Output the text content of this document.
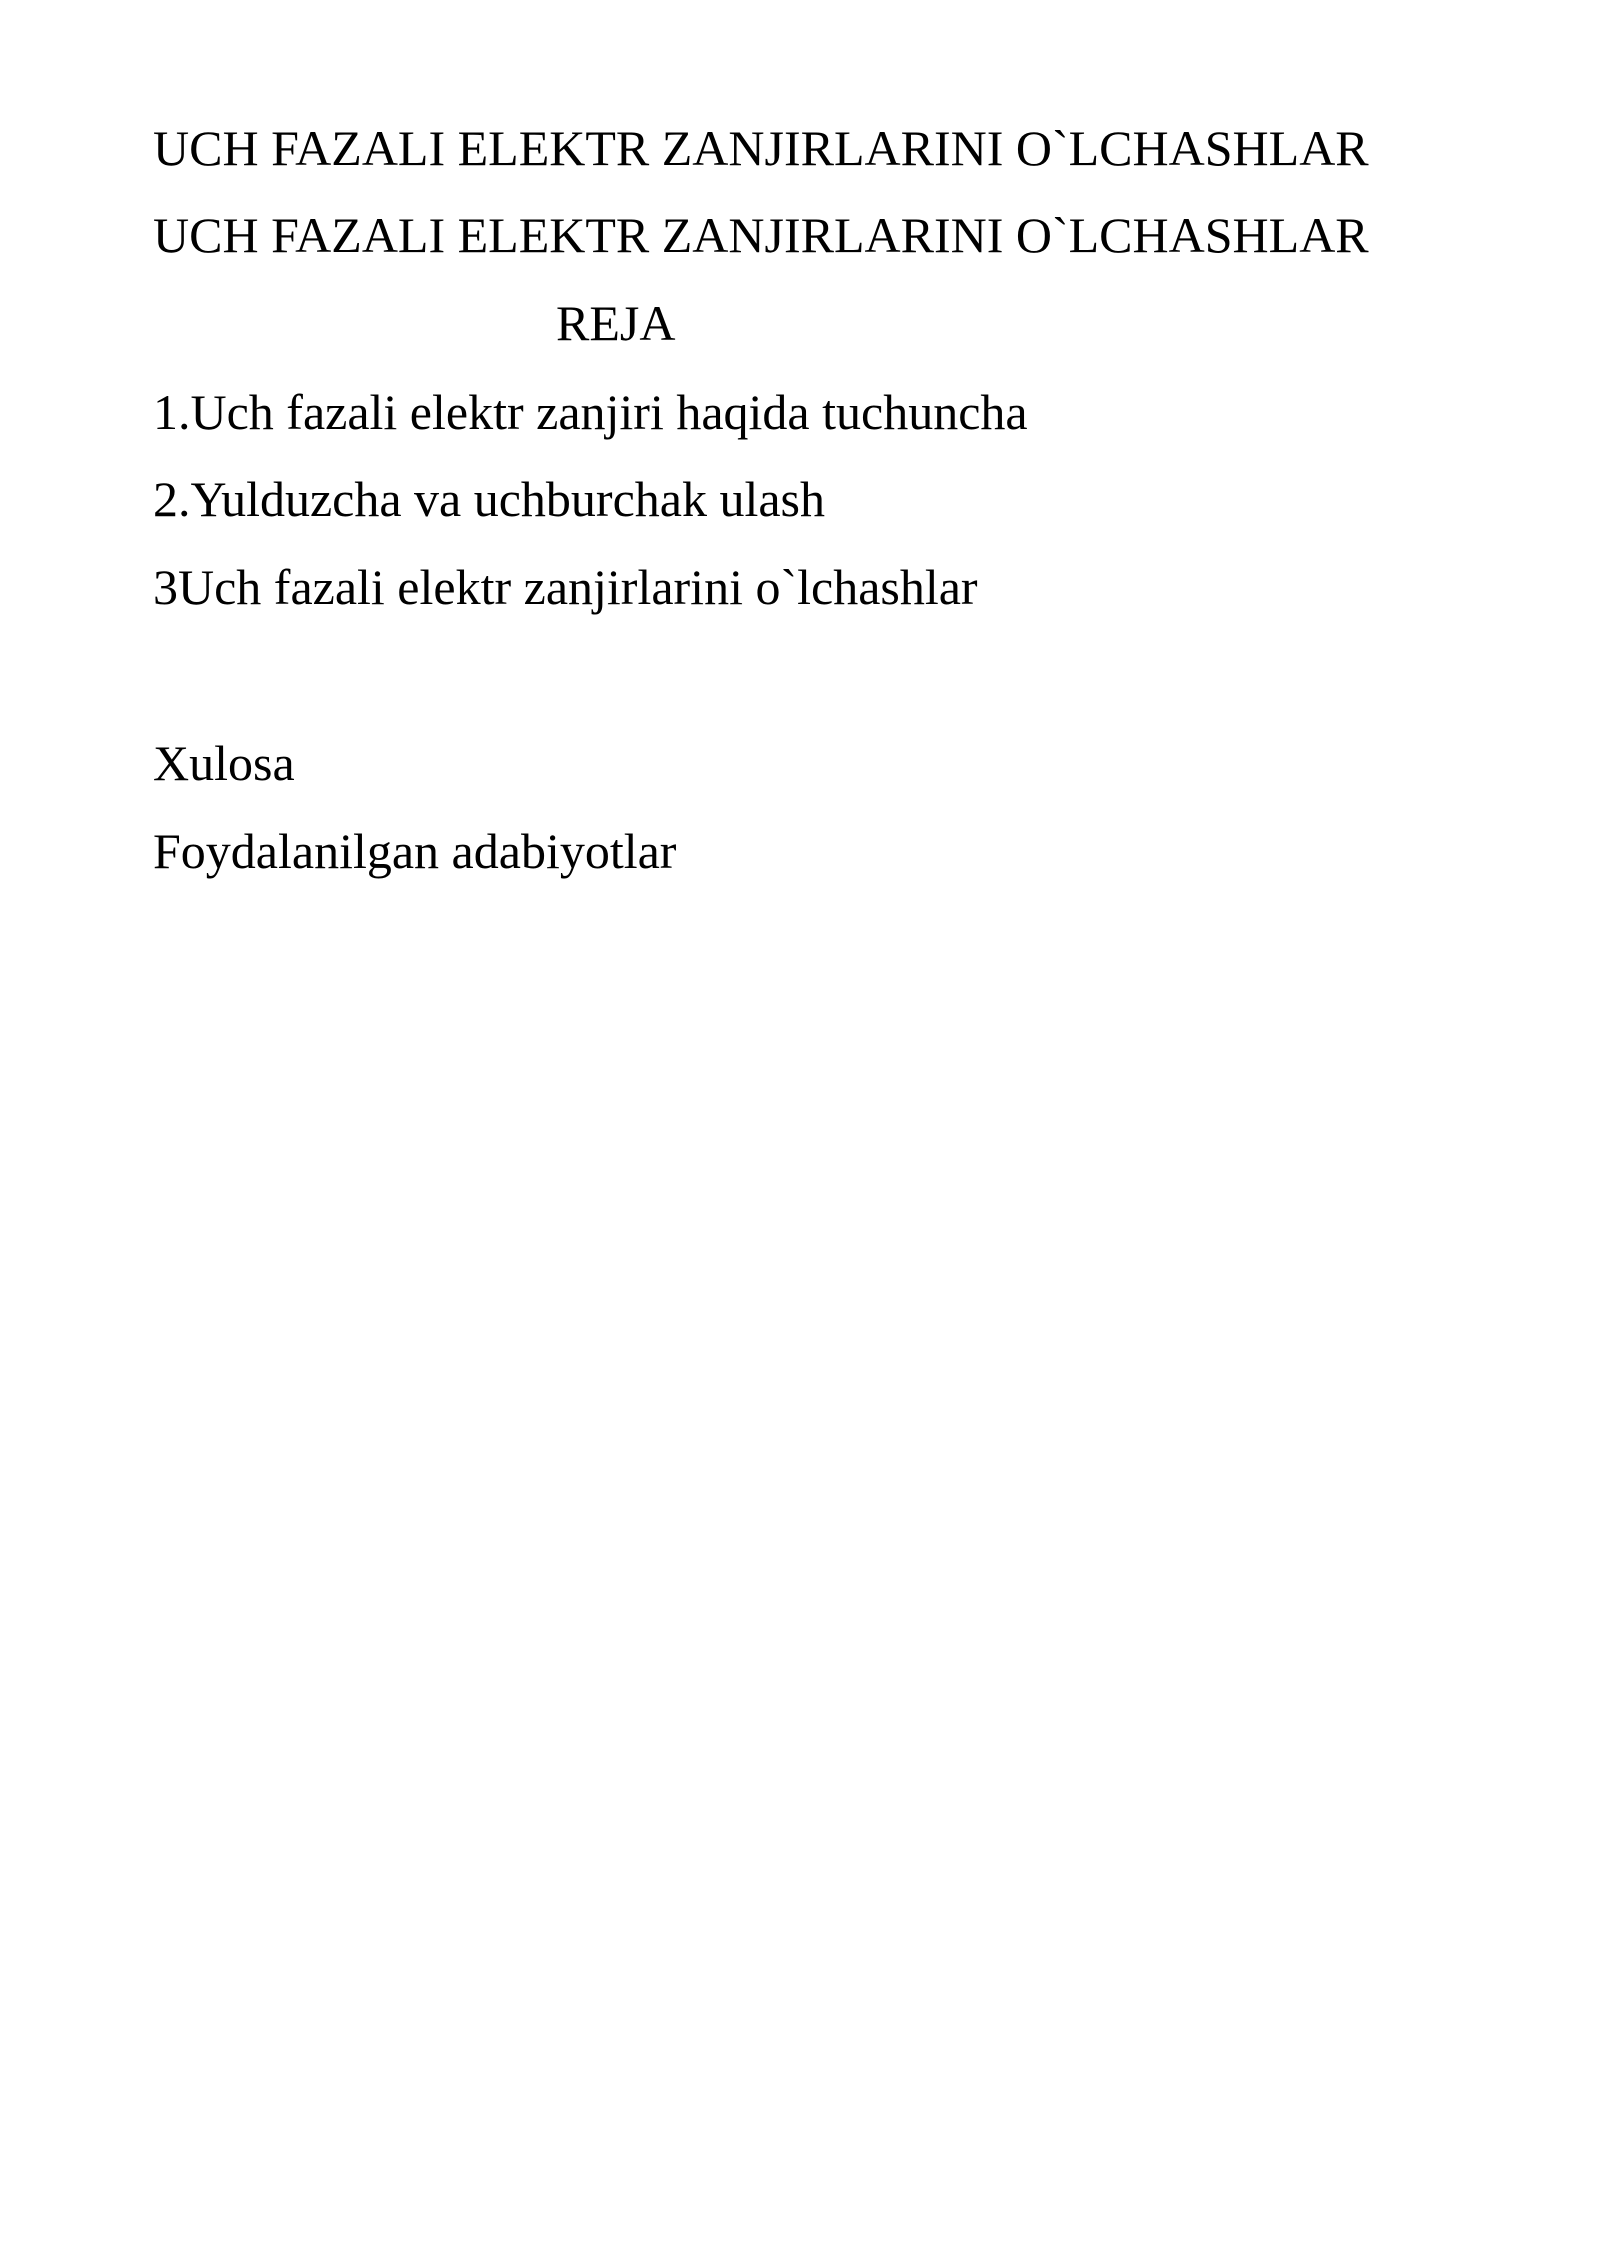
UCH FAZALI ELEKTR ZANJIRLARINI O`LCHASHLAR
UCH FAZALI ELEKTR ZANJIRLARINI O`LCHASHLAR
REJA

1.Uch fazali elektr zanjiri haqida tuchuncha

2.Yulduzcha va uchburchak ulash

3Uch fazali elektr zanjirlarini o`lchashlar

Xulosa

Foydalanilgan adabiyotlar
